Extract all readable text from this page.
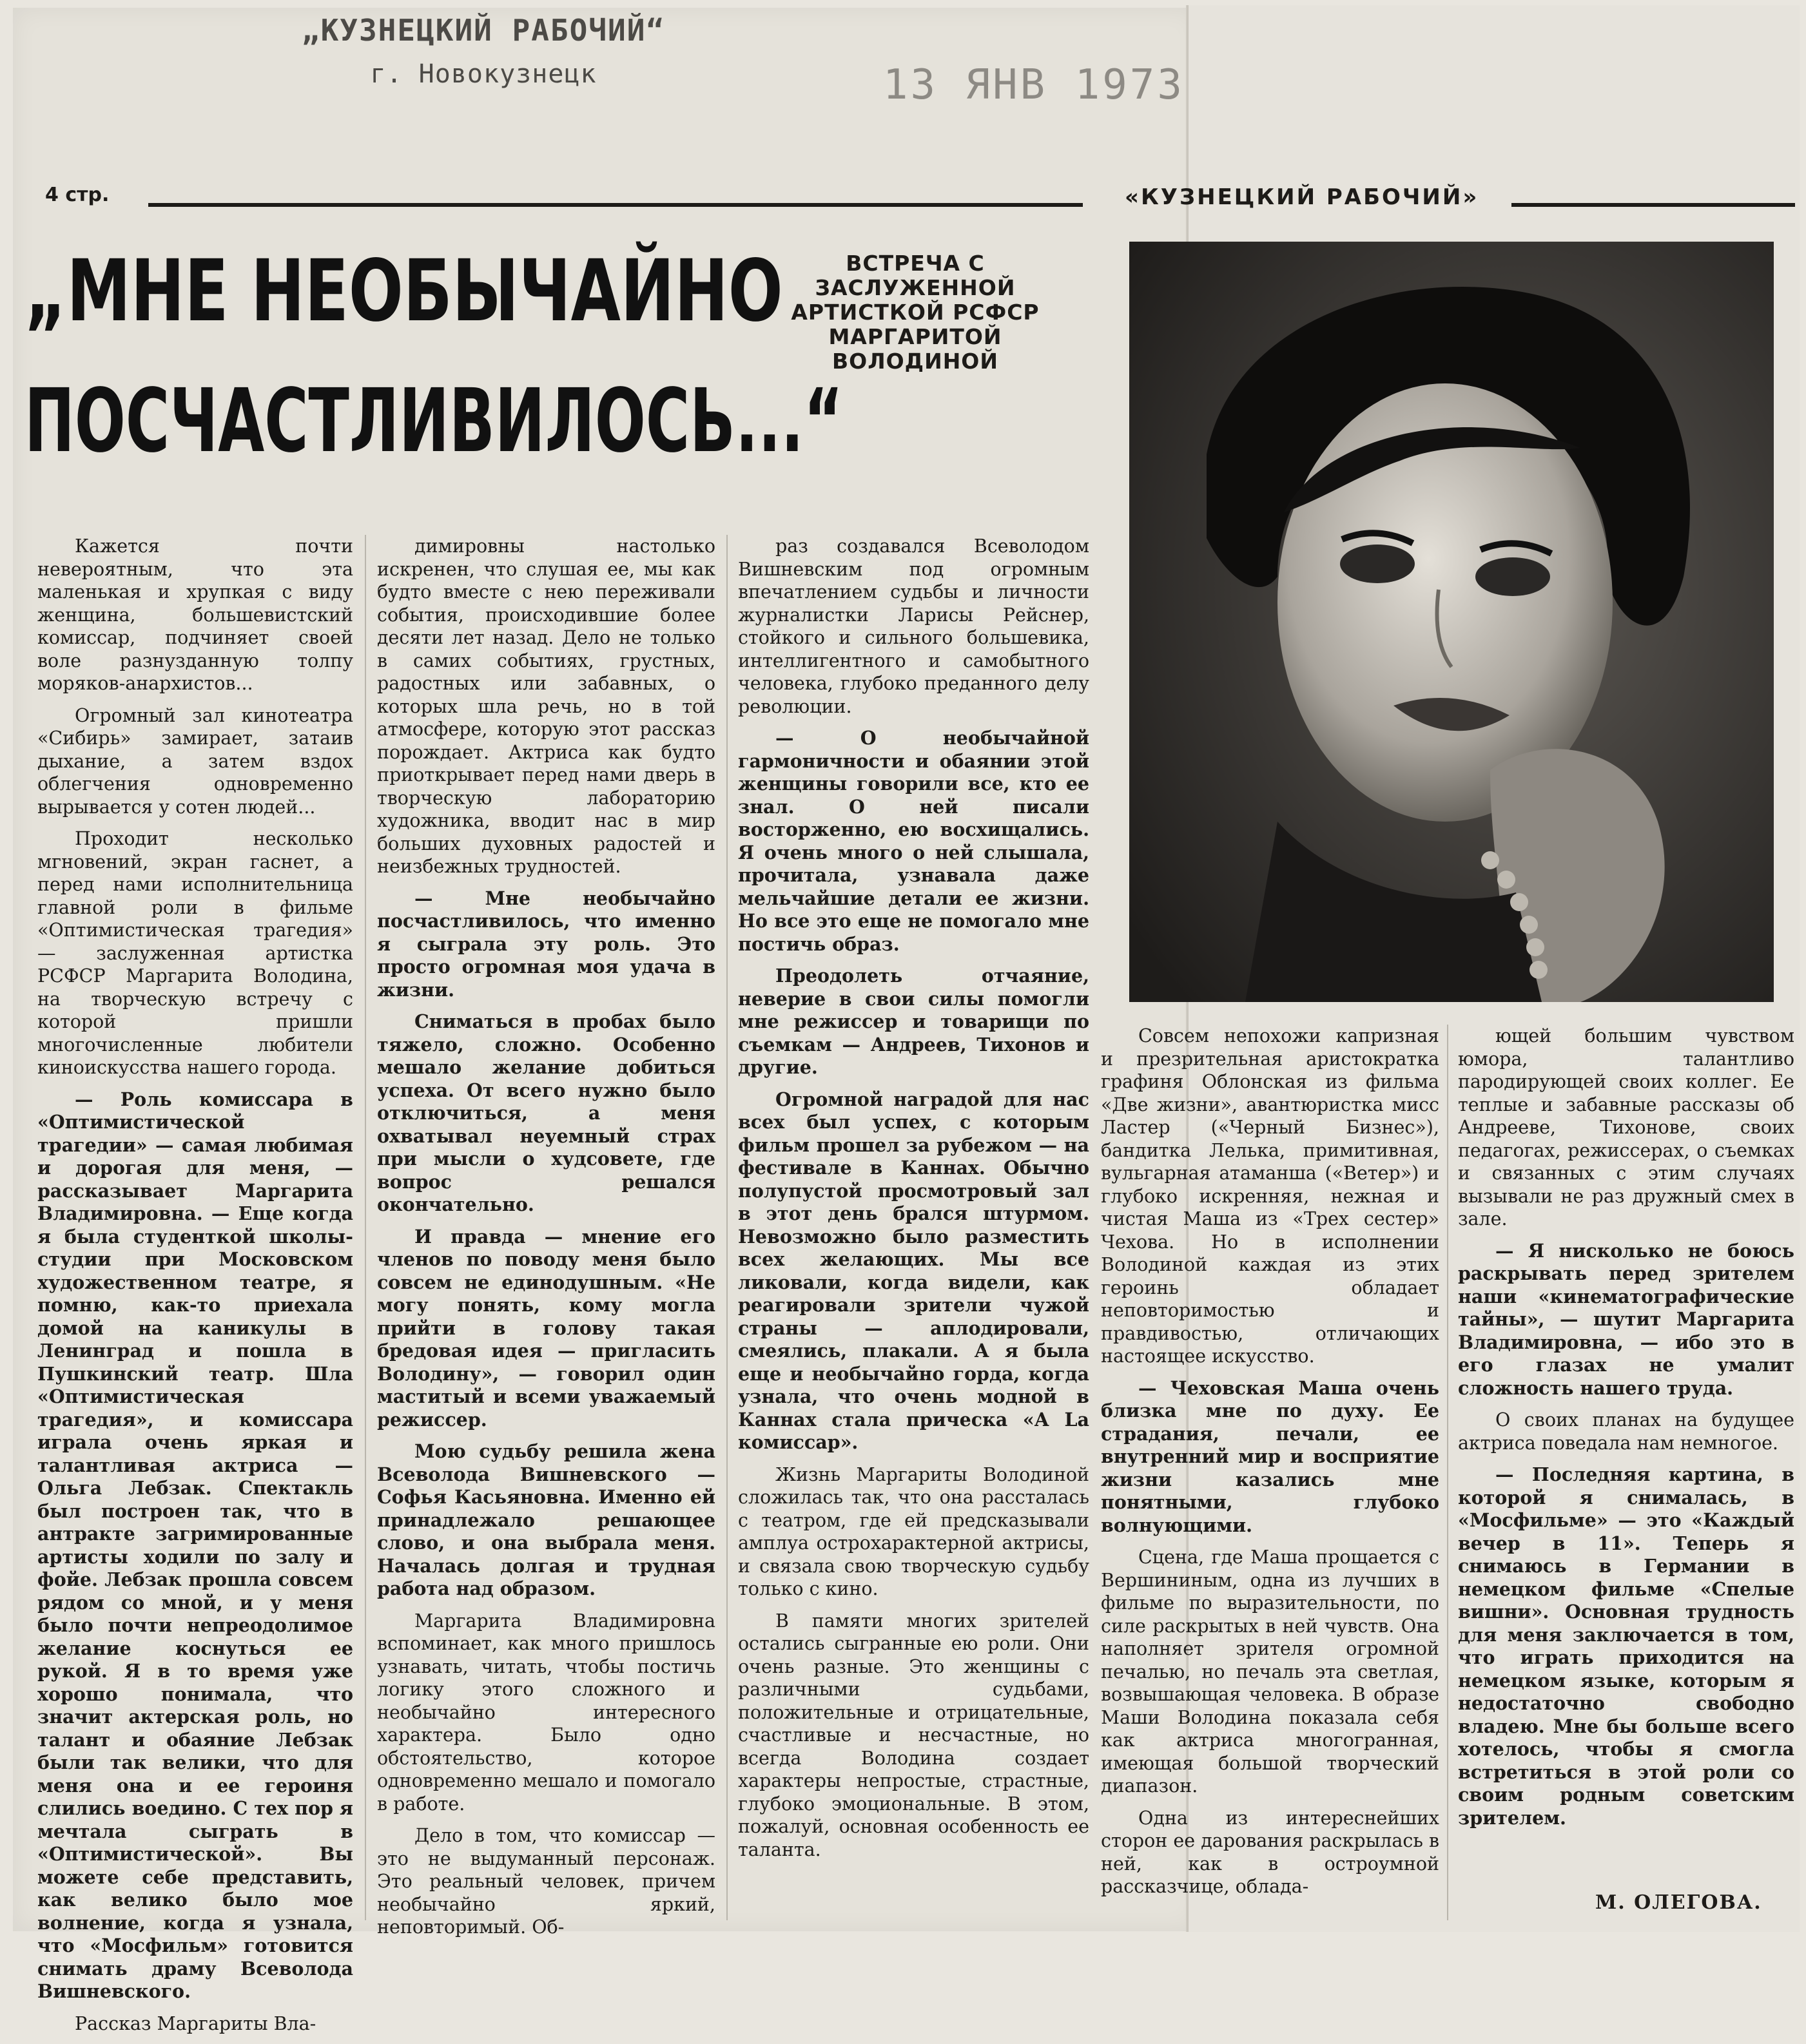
„КУЗНЕЦКИЙ РАБОЧИЙ“
г. Новокузнецк	13 ЯНВ 1973
4 стр.	«КУЗНЕЦКИЙ РАБОЧИЙ»
„МНЕ НЕОБЫЧАЙНО
ПОСЧАСТЛИВИЛОСЬ...“
ВСТРЕЧА С ЗАСЛУЖЕННОЙ АРТИСТКОЙ РСФСР МАРГАРИТОЙ ВОЛОДИНОЙ

Кажется почти невероятным, что эта маленькая и хрупкая с виду женщина, большевистский комиссар, подчиняет своей воле разнузданную толпу моряков-анархистов...

Огромный зал кинотеатра «Сибирь» замирает, затаив дыхание, а затем вздох облегчения одновременно вырывается у сотен людей...

Проходит несколько мгновений, экран гаснет, а перед нами исполнительница главной роли в фильме «Оптимистическая трагедия» — заслуженная артистка РСФСР Маргарита Володина, на творческую встречу с которой пришли многочисленные любители киноискусства нашего города.

— Роль комиссара в «Оптимистической трагедии» — самая любимая и дорогая для меня, — рассказывает Маргарита Владимировна. — Еще когда я была студенткой школы-студии при Московском художественном театре, я помню, как-то приехала домой на каникулы в Ленинград и пошла в Пушкинский театр. Шла «Оптимистическая трагедия», и комиссара играла очень яркая и талантливая актриса — Ольга Лебзак. Спектакль был построен так, что в антракте загримированные артисты ходили по залу и фойе. Лебзак прошла совсем рядом со мной, и у меня было почти непреодолимое желание коснуться ее рукой. Я в то время уже хорошо понимала, что значит актерская роль, но талант и обаяние Лебзак были так велики, что для меня она и ее героиня слились воедино. С тех пор я мечтала сыграть в «Оптимистической». Вы можете себе представить, как велико было мое волнение, когда я узнала, что «Мосфильм» готовится снимать драму Всеволода Вишневского.

Рассказ Маргариты Вла-

димировны настолько искренен, что слушая ее, мы как будто вместе с нею переживали события, происходившие более десяти лет назад. Дело не только в самих событиях, грустных, радостных или забавных, о которых шла речь, но в той атмосфере, которую этот рассказ порождает. Актриса как будто приоткрывает перед нами дверь в творческую лабораторию художника, вводит нас в мир больших духовных радостей и неизбежных трудностей.

— Мне необычайно посчастливилось, что именно я сыграла эту роль. Это просто огромная моя удача в жизни.

Сниматься в пробах было тяжело, сложно. Особенно мешало желание добиться успеха. От всего нужно было отключиться, а меня охватывал неуемный страх при мысли о худсовете, где вопрос решался окончательно.

И правда — мнение его членов по поводу меня было совсем не единодушным. «Не могу понять, кому могла прийти в голову такая бредовая идея — пригласить Володину», — говорил один маститый и всеми уважаемый режиссер.

Мою судьбу решила жена Всеволода Вишневского — Софья Касьяновна. Именно ей принадлежало решающее слово, и она выбрала меня. Началась долгая и трудная работа над образом.

Маргарита Владимировна вспоминает, как много пришлось узнавать, читать, чтобы постичь логику этого сложного и необычайно интересного характера. Было одно обстоятельство, которое одновременно мешало и помогало в работе.

Дело в том, что комиссар — это не выдуманный персонаж. Это реальный человек, причем необычайно яркий, неповторимый. Об-

раз создавался Всеволодом Вишневским под огромным впечатлением судьбы и личности журналистки Ларисы Рейснер, стойкого и сильного большевика, интеллигентного и самобытного человека, глубоко преданного делу революции.

— О необычайной гармоничности и обаянии этой женщины говорили все, кто ее знал. О ней писали восторженно, ею восхищались. Я очень много о ней слышала, прочитала, узнавала даже мельчайшие детали ее жизни. Но все это еще не помогало мне постичь образ.

Преодолеть отчаяние, неверие в свои силы помогли мне режиссер и товарищи по съемкам — Андреев, Тихонов и другие.

Огромной наградой для нас всех был успех, с которым фильм прошел за рубежом — на фестивале в Каннах. Обычно полупустой просмотровый зал в этот день брался штурмом. Невозможно было разместить всех желающих. Мы все ликовали, когда видели, как реагировали зрители чужой страны — аплодировали, смеялись, плакали. А я была еще и необычайно горда, когда узнала, что очень модной в Каннах стала прическа «А La комиссар».

Жизнь Маргариты Володиной сложилась так, что она рассталась с театром, где ей предсказывали амплуа острохарактерной актрисы, и связала свою творческую судьбу только с кино.

В памяти многих зрителей остались сыгранные ею роли. Они очень разные. Это женщины с различными судьбами, положительные и отрицательные, счастливые и несчастные, но всегда Володина создает характеры непростые, страстные, глубоко эмоциональные. В этом, пожалуй, основная особенность ее таланта.

Совсем непохожи капризная и презрительная аристократка графиня Облонская из фильма «Две жизни», авантюристка мисс Ластер («Черный Бизнес»), бандитка Лелька, примитивная, вульгарная атаманша («Ветер») и глубоко искренняя, нежная и чистая Маша из «Трех сестер» Чехова. Но в исполнении Володиной каждая из этих героинь обладает неповторимостью и правдивостью, отличающих настоящее искусство.

— Чеховская Маша очень близка мне по духу. Ее страдания, печали, ее внутренний мир и восприятие жизни казались мне понятными, глубоко волнующими.

Сцена, где Маша прощается с Вершининым, одна из лучших в фильме по выразительности, по силе раскрытых в ней чувств. Она наполняет зрителя огромной печалью, но печаль эта светлая, возвышающая человека. В образе Маши Володина показала себя как актриса многогранная, имеющая большой творческий диапазон.

Одна из интереснейших сторон ее дарования раскрылась в ней, как в остроумной рассказчице, облада-

ющей большим чувством юмора, талантливо пародирующей своих коллег. Ее теплые и забавные рассказы об Андрееве, Тихонове, своих педагогах, режиссерах, о съемках и связанных с этим случаях вызывали не раз дружный смех в зале.

— Я нисколько не боюсь раскрывать перед зрителем наши «кинематографические тайны», — шутит Маргарита Владимировна, — ибо это в его глазах не умалит сложность нашего труда.

О своих планах на будущее актриса поведала нам немногое.

— Последняя картина, в которой я снималась, в «Мосфильме» — это «Каждый вечер в 11». Теперь я снимаюсь в Германии в немецком фильме «Спелые вишни». Основная трудность для меня заключается в том, что играть приходится на немецком языке, которым я недостаточно свободно владею. Мне бы больше всего хотелось, чтобы я смогла встретиться в этой роли со своим родным советским зрителем.

М. ОЛЕГОВА.
